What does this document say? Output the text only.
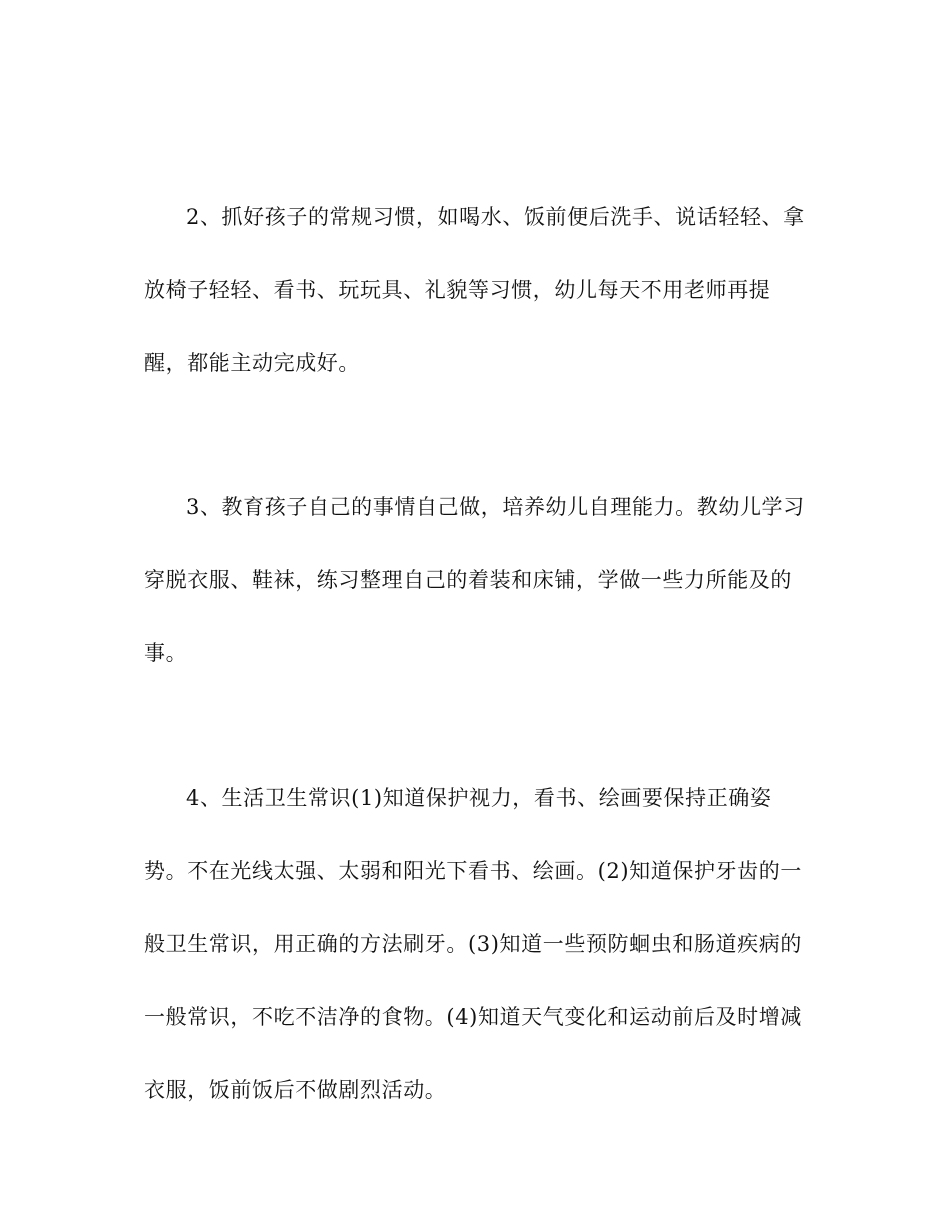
2、抓好孩子的常规习惯，如喝水、饭前便后洗手、说话轻轻、拿
放椅子轻轻、看书、玩玩具、礼貌等习惯，幼儿每天不用老师再提
醒，都能主动完成好。
3、教育孩子自己的事情自己做，培养幼儿自理能力。教幼儿学习
穿脱衣服、鞋袜，练习整理自己的着装和床铺，学做一些力所能及的
事。
4、生活卫生常识(1)知道保护视力，看书、绘画要保持正确姿
势。不在光线太强、太弱和阳光下看书、绘画。(2)知道保护牙齿的一
般卫生常识，用正确的方法刷牙。(3)知道一些预防蛔虫和肠道疾病的
一般常识，不吃不洁净的食物。(4)知道天气变化和运动前后及时增减
衣服，饭前饭后不做剧烈活动。
